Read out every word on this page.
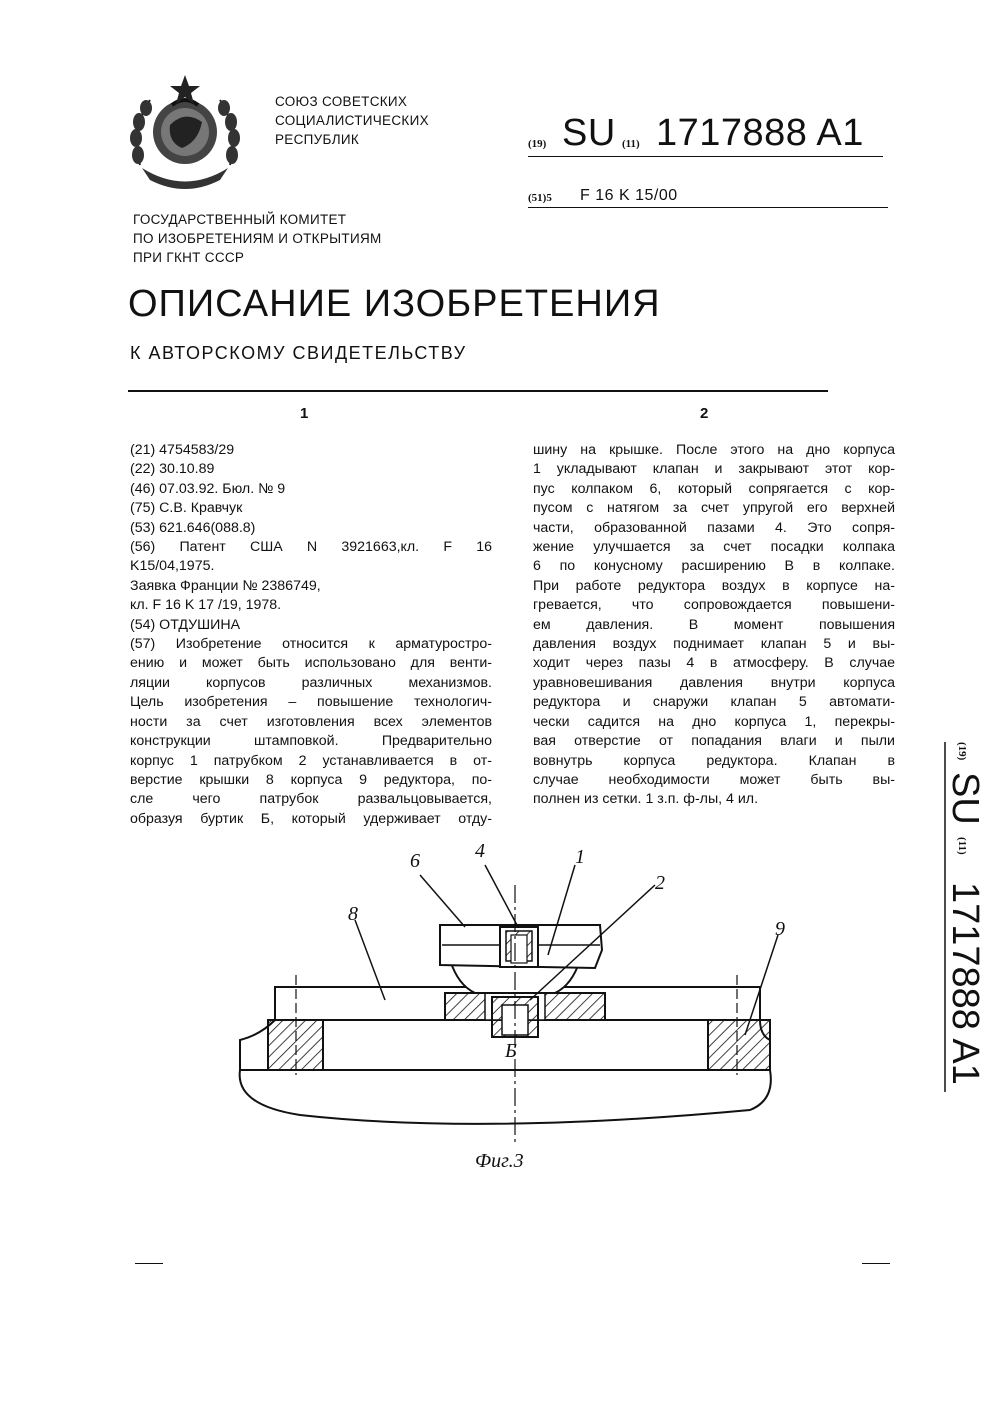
СОЮЗ СОВЕТСКИХ
СОЦИАЛИСТИЧЕСКИХ
РЕСПУБЛИК	(19) SU (11) 1717888 A1
(51)5 F 16 K 15/00
ГОСУДАРСТВЕННЫЙ КОМИТЕТ
ПО ИЗОБРЕТЕНИЯМ И ОТКРЫТИЯМ
ПРИ ГКНТ СССР
ОПИСАНИЕ ИЗОБРЕТЕНИЯ
К АВТОРСКОМУ СВИДЕТЕЛЬСТВУ
1	2
(21) 4754583/29
(22) 30.10.89
(46) 07.03.92. Бюл. № 9
(75) С.В. Кравчук
(53) 621.646(088.8)
(56) Патент США N 3921663,кл. F 16
K15/04,1975.
Заявка Франции № 2386749,
кл. F 16 K 17 /19, 1978.
(54) ОТДУШИНА
(57) Изобретение относится к арматуростро-
ению и может быть использовано для венти-
ляции корпусов различных механизмов.
Цель изобретения – повышение технологич-
ности за счет изготовления всех элементов
конструкции штамповкой. Предварительно
корпус 1 патрубком 2 устанавливается в от-
верстие крышки 8 корпуса 9 редуктора, по-
сле чего патрубок развальцовывается,
образуя буртик Б, который удерживает отду-
шину на крышке. После этого на дно корпуса
1 укладывают клапан и закрывают этот кор-
пус колпаком 6, который сопрягается с кор-
пусом с натягом за счет упругой его верхней
части, образованной пазами 4. Это сопря-
жение улучшается за счет посадки колпака
6 по конусному расширению В в колпаке.
При работе редуктора воздух в корпусе на-
гревается, что сопровождается повышени-
ем давления. В момент повышения
давления воздух поднимает клапан 5 и вы-
ходит через пазы 4 в атмосферу. В случае
уравновешивания давления внутри корпуса
редуктора и снаружи клапан 5 автомати-
чески садится на дно корпуса 1, перекры-
вая отверстие от попадания влаги и пыли
вовнутрь корпуса редуктора. Клапан в
случае необходимости может быть вы-
полнен из сетки. 1 з.п. ф-лы, 4 ил.
(19)
SU
(11)
1717888 A1
6	4	1
2
8
9
Б
Фиг.3
